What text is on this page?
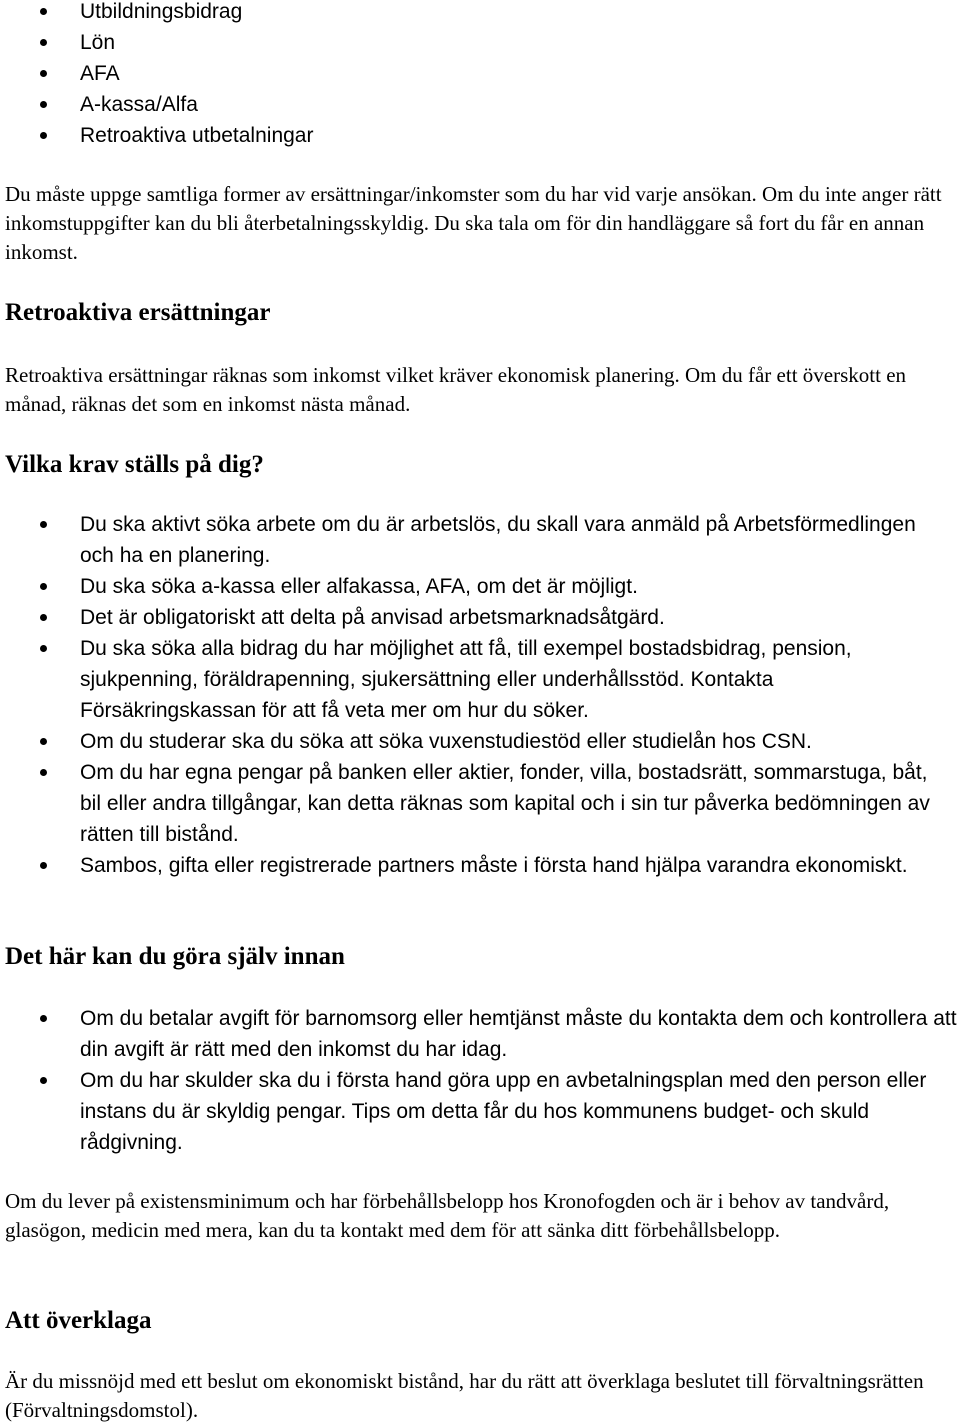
Utbildningsbidrag
Lön
AFA
A-kassa/Alfa
Retroaktiva utbetalningar

Du måste uppge samtliga former av ersättningar/inkomster som du har vid varje ansökan. Om du inte anger rätt inkomstuppgifter kan du bli återbetalningsskyldig. Du ska tala om för din handläggare så fort du får en annan inkomst.

Retroaktiva ersättningar

Retroaktiva ersättningar räknas som inkomst vilket kräver ekonomisk planering. Om du får ett överskott en månad, räknas det som en inkomst nästa månad.

Vilka krav ställs på dig?
Du ska aktivt söka arbete om du är arbetslös, du skall vara anmäld på Arbetsförmedlingen och ha en planering.
Du ska söka a-kassa eller alfakassa, AFA, om det är möjligt.
Det är obligatoriskt att delta på anvisad arbetsmarknadsåtgärd.
Du ska söka alla bidrag du har möjlighet att få, till exempel bostadsbidrag, pension, sjukpenning, föräldrapenning, sjukersättning eller underhållsstöd. Kontakta Försäkringskassan för att få veta mer om hur du söker.
Om du studerar ska du söka att söka vuxenstudiestöd eller studielån hos CSN.
Om du har egna pengar på banken eller aktier, fonder, villa, bostadsrätt, sommarstuga, båt, bil eller andra tillgångar, kan detta räknas som kapital och i sin tur påverka bedömningen av rätten till bistånd.
Sambos, gifta eller registrerade partners måste i första hand hjälpa varandra ekonomiskt.
Det här kan du göra själv innan
Om du betalar avgift för barnomsorg eller hemtjänst måste du kontakta dem och kontrollera att din avgift är rätt med den inkomst du har idag.
Om du har skulder ska du i första hand göra upp en avbetalningsplan med den person eller instans du är skyldig pengar. Tips om detta får du hos kommunens budget- och skuld rådgivning.

Om du lever på existensminimum och har förbehållsbelopp hos Kronofogden och är i behov av tandvård, glasögon, medicin med mera, kan du ta kontakt med dem för att sänka ditt förbehållsbelopp.

Att överklaga

Är du missnöjd med ett beslut om ekonomiskt bistånd, har du rätt att överklaga beslutet till förvaltningsrätten (Förvaltningsdomstol).
